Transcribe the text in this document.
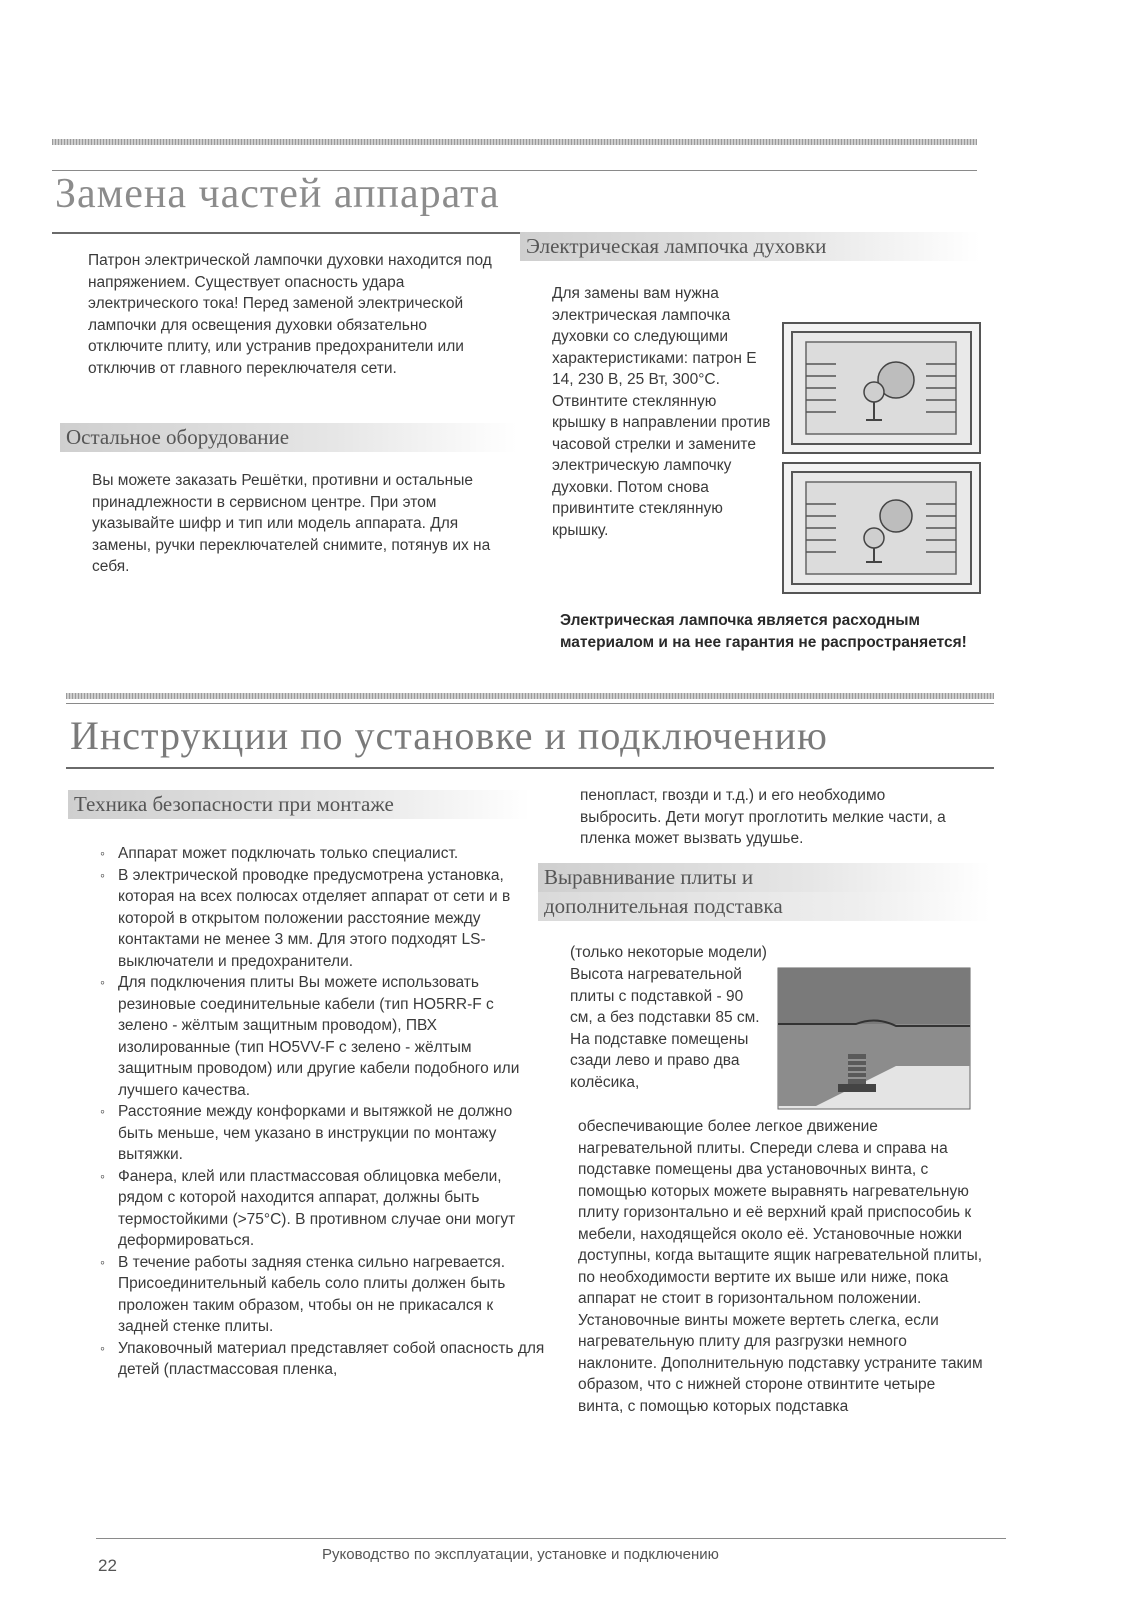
Замена частей аппарата
Патрон электрической лампочки духовки находится под напряжением. Существует опасность удара электрического тока! Перед заменой электрической лампочки для освещения духовки обязательно отключите плиту, или устранив предохранители или отключив от главного переключателя сети.
Остальное оборудование
Вы можете заказать Решётки, противни и остальные принадлежности в сервисном центре. При этом указывайте шифр и тип или модель аппарата. Для замены, ручки переключателей снимите, потянув их на себя.
Электрическая лампочка духовки
Для замены вам нужна электрическая лампочка духовки со следующими характеристиками: патрон Е 14, 230 В, 25 Вт, 300°С. Отвинтите стеклянную крышку в направлении против часовой стрелки и замените электрическую лампочку духовки. Потом снова привинтите стеклянную крышку.
Электрическая лампочка является расходным материалом и на нее гарантия не распространяется!
Инструкции по установке и подключению
Техника безопасности при монтаже
◦ Аппарат может подключать только специалист.
◦ В электрической проводке предусмотрена установка, которая на всех полюсах отделяет аппарат от сети и в которой в открытом положении расстояние между контактами не менее 3 мм. Для этого подходят LS-выключатели и предохранители.
◦ Для подключения плиты Вы можете использовать резиновые соединительные кабели (тип HO5RR-F с зелено - жёлтым защитным проводом), ПВХ изолированные (тип HO5VV-F с зелено - жёлтым защитным проводом) или другие кабели подобного или лучшего качества.
◦ Расстояние между конфорками и вытяжкой не должно быть меньше, чем указано в инструкции по монтажу вытяжки.
◦ Фанера, клей или пластмассовая облицовка мебели, рядом с которой находится аппарат, должны быть термостойкими (>75°С). В противном случае они могут деформироваться.
◦ В течение работы задняя стенка сильно нагревается. Присоединительный кабель соло плиты должен быть проложен таким образом, чтобы он не прикасался к задней стенке плиты.
◦ Упаковочный материал представляет собой опасность для детей (пластмассовая пленка,
пенопласт, гвозди и т.д.) и его необходимо выбросить. Дети могут проглотить мелкие части, а пленка может вызвать удушье.
Выравнивание плиты и
дополнительная подставка
(только некоторые модели)
Высота нагревательной плиты с подставкой - 90 см, а без подставки 85 см. На подставке помещены сзади лево и право два колёсика,
обеспечивающие более легкое движение нагревательной плиты. Спереди слева и справа на подставке помещены два установочных винта, с помощью которых можете выравнять нагревательную плиту горизонтально и её верхний край приспособиь к мебели, находящейся около её. Установочные ножки доступны, когда вытащите ящик нагревательной плиты, по необходимости вертите их выше или ниже, пока аппарат не стоит в горизонтальном положении. Установочные винты можете вертеть слегка, если нагревательную плиту для разгрузки немного наклоните. Дополнительную подставку устраните таким образом, что с нижней стороне отвинтите четыре винта, с помощью которых подставка
22
Руководство по эксплуатации, установке и подключению
